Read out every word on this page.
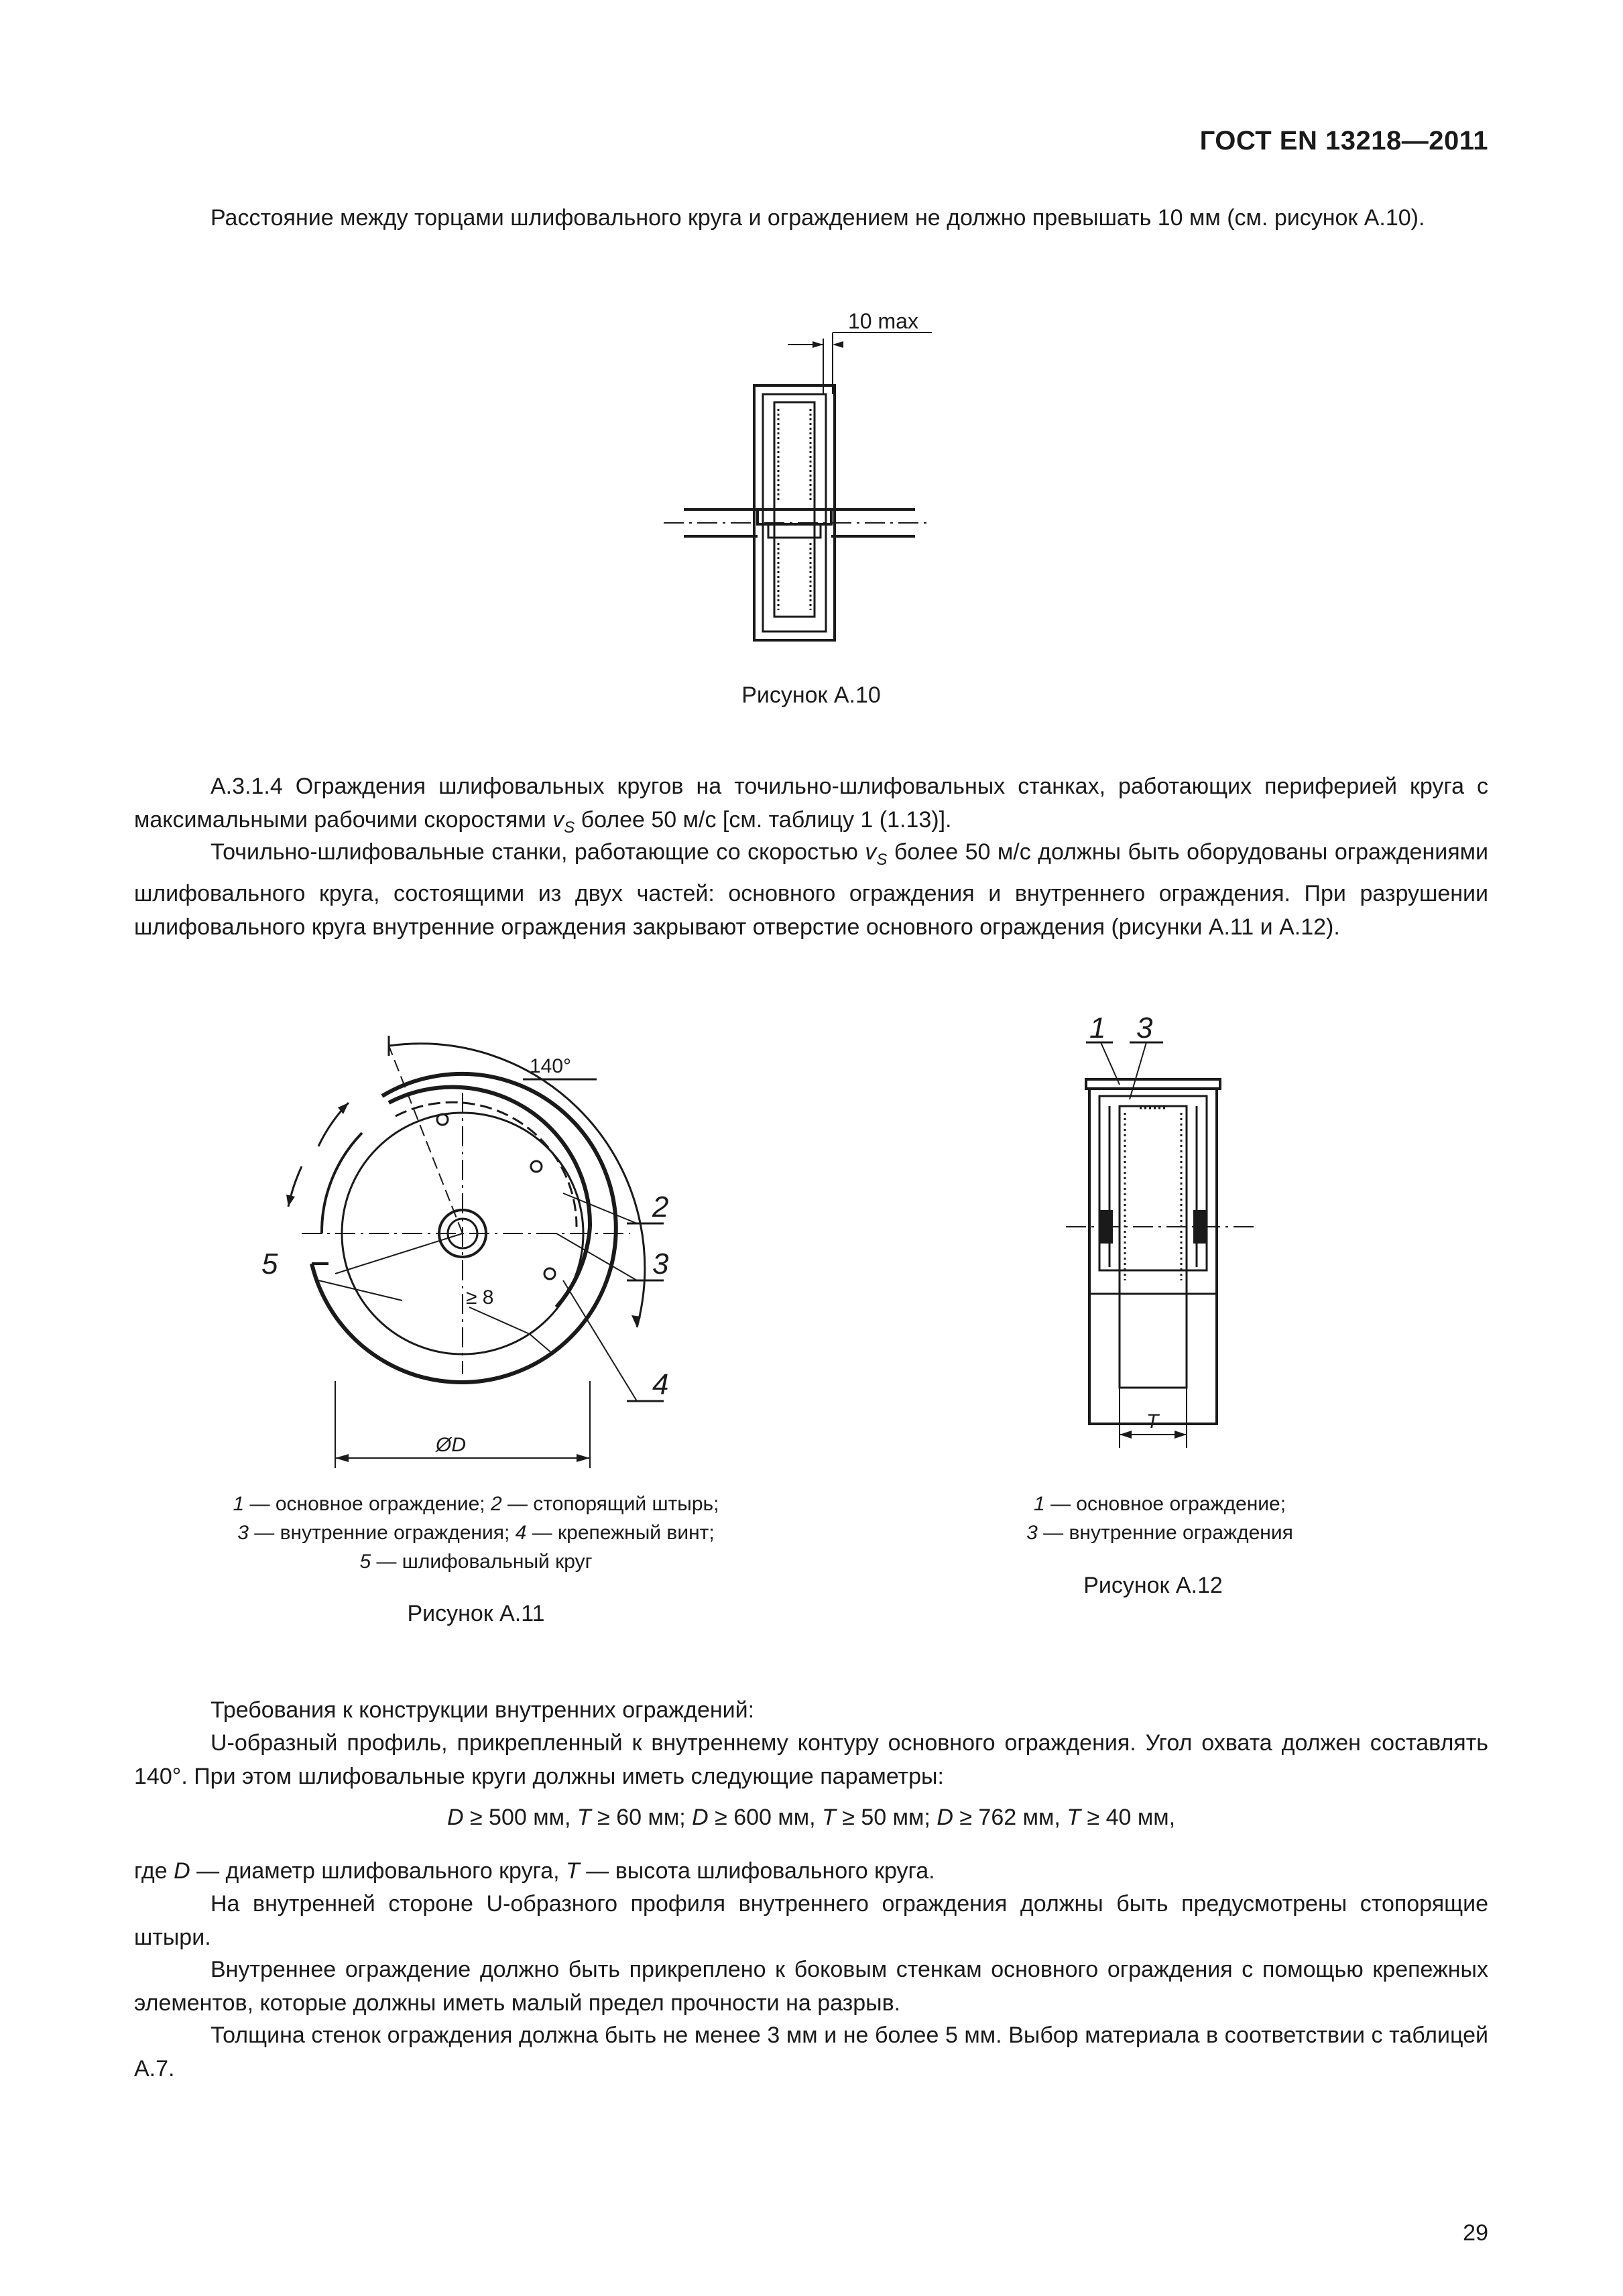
ГОСТ EN 13218—2011

Расстояние между торцами шлифовального круга и ограждением не должно превышать 10 мм (см. рисунок А.10).

10 max
Рисунок А.10

А.3.1.4 Ограждения шлифовальных кругов на точильно-шлифовальных станках, работающих периферией круга с максимальными рабочими скоростями $v_S$ более 50 м/с [см. таблицу 1 (1.13)].

Точильно-шлифовальные станки, работающие со скоростью $v_S$ более 50 м/с должны быть оборудованы ограждениями шлифовального круга, состоящими из двух частей: основного ограждения и внутреннего ограждения. При разрушении шлифовального круга внутренние ограждения закрывают отверстие основного ограждения (рисунки А.11 и А.12).

140°
2
3
4
5
≥ 8
ØD
1 — основное ограждение; 2 — стопорящий штырь;
3 — внутренние ограждения; 4 — крепежный винт;
5 — шлифовальный круг
Рисунок А.11
1 3
T
1 — основное ограждение;
3 — внутренние ограждения
Рисунок А.12

Требования к конструкции внутренних ограждений:

U-образный профиль, прикрепленный к внутреннему контуру основного ограждения. Угол охвата должен составлять 140°. При этом шлифовальные круги должны иметь следующие параметры:

D ≥ 500 мм, T ≥ 60 мм; D ≥ 600 мм, T ≥ 50 мм; D ≥ 762 мм, T ≥ 40 мм,

где D — диаметр шлифовального круга, T — высота шлифовального круга.

На внутренней стороне U-образного профиля внутреннего ограждения должны быть предусмотрены стопорящие штыри.

Внутреннее ограждение должно быть прикреплено к боковым стенкам основного ограждения с помощью крепежных элементов, которые должны иметь малый предел прочности на разрыв.

Толщина стенок ограждения должна быть не менее 3 мм и не более 5 мм. Выбор материала в соответствии с таблицей А.7.

29
